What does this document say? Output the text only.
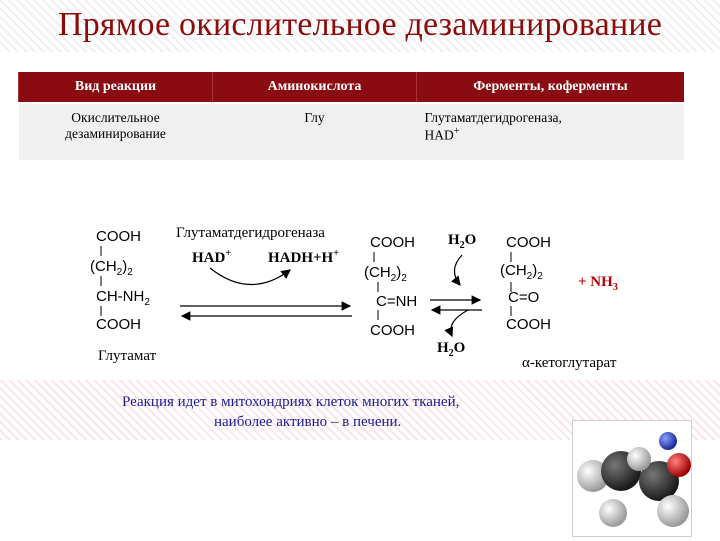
Прямое окислительное дезаминирование
Вид реакции	Аминокислота	Ферменты, коферменты
Окислительное
дезаминирование	Глу	Глутаматдегидрогеназа,
HAD+
COOH
$(CH_2)_2$
$CH-NH_2$
COOH
Глутамат
Глутаматдегидрогеназа
HAD+ HADH+H+
COOH
$(CH_2)_2$
C=NH
COOH
$H_2O$
$H_2O$
COOH
$(CH_2)_2$
C=O
COOH
α-кетоглутарат
+ $NH_3$
Реакция идет в митохондриях клеток многих тканей,
наиболее активно – в печени.
